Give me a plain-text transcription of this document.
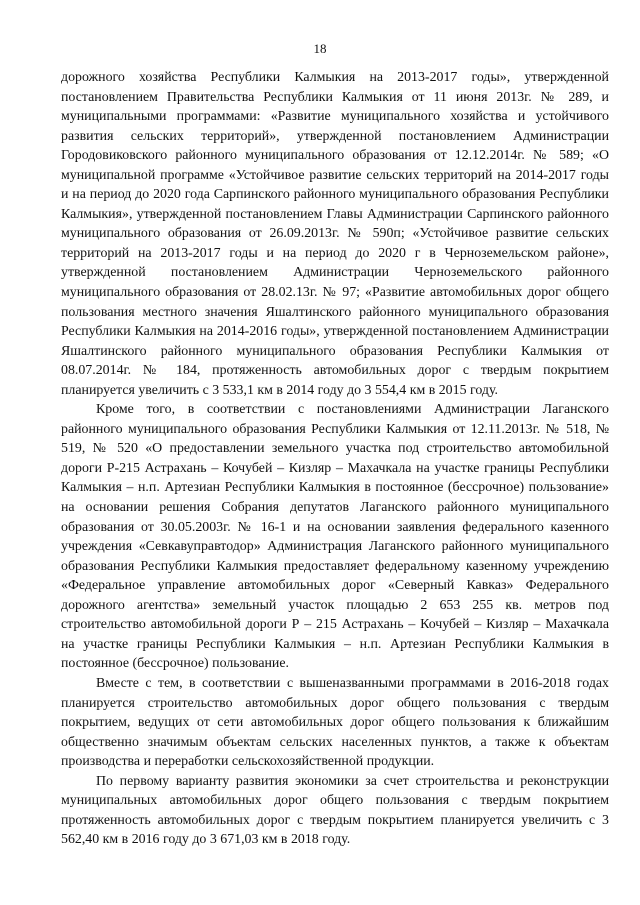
18

дорожного хозяйства Республики Калмыкия на 2013-2017 годы», утвержденной постановлением Правительства Республики Калмыкия от 11 июня 2013г. № 289, и муниципальными программами: «Развитие муниципального хозяйства и устойчивого развития сельских территорий», утвержденной постановлением Администрации Городовиковского районного муниципального образования от 12.12.2014г. № 589; «О муниципальной программе «Устойчивое развитие сельских территорий на 2014-2017 годы и на период до 2020 года Сарпинского районного муниципального образования Республики Калмыкия», утвержденной постановлением Главы Администрации Сарпинского районного муниципального образования от 26.09.2013г. № 590п; «Устойчивое развитие сельских территорий на 2013-2017 годы и на период до 2020 г в Черноземельском районе», утвержденной постановлением Администрации Черноземельского районного муниципального образования от 28.02.13г. № 97; «Развитие автомобильных дорог общего пользования местного значения Яшалтинского районного муниципального образования Республики Калмыкия на 2014-2016 годы», утвержденной постановлением Администрации Яшалтинского районного муниципального образования Республики Калмыкия от 08.07.2014г. № 184, протяженность автомобильных дорог с твердым покрытием планируется увеличить с 3 533,1 км в 2014 году до 3 554,4 км в 2015 году.

Кроме того, в соответствии с постановлениями Администрации Лаганского районного муниципального образования Республики Калмыкия от 12.11.2013г. № 518, № 519, № 520 «О предоставлении земельного участка под строительство автомобильной дороги Р-215 Астрахань – Кочубей – Кизляр – Махачкала на участке границы Республики Калмыкия – н.п. Артезиан Республики Калмыкия в постоянное (бессрочное) пользование» на основании решения Собрания депутатов Лаганского районного муниципального образования от 30.05.2003г. № 16-1 и на основании заявления федерального казенного учреждения «Севкавуправтодор» Администрация Лаганского районного муниципального образования Республики Калмыкия предоставляет федеральному казенному учреждению «Федеральное управление автомобильных дорог «Северный Кавказ» Федерального дорожного агентства» земельный участок площадью 2 653 255 кв. метров под строительство автомобильной дороги Р – 215 Астрахань – Кочубей – Кизляр – Махачкала на участке границы Республики Калмыкия – н.п. Артезиан Республики Калмыкия в постоянное (бессрочное) пользование.

Вместе с тем, в соответствии с вышеназванными программами в 2016-2018 годах планируется строительство автомобильных дорог общего пользования с твердым покрытием, ведущих от сети автомобильных дорог общего пользования к ближайшим общественно значимым объектам сельских населенных пунктов, а также к объектам производства и переработки сельскохозяйственной продукции.

По первому варианту развития экономики за счет строительства и реконструкции муниципальных автомобильных дорог общего пользования с твердым покрытием протяженность автомобильных дорог с твердым покрытием планируется увеличить с 3 562,40 км в 2016 году до 3 671,03 км в 2018 году.
